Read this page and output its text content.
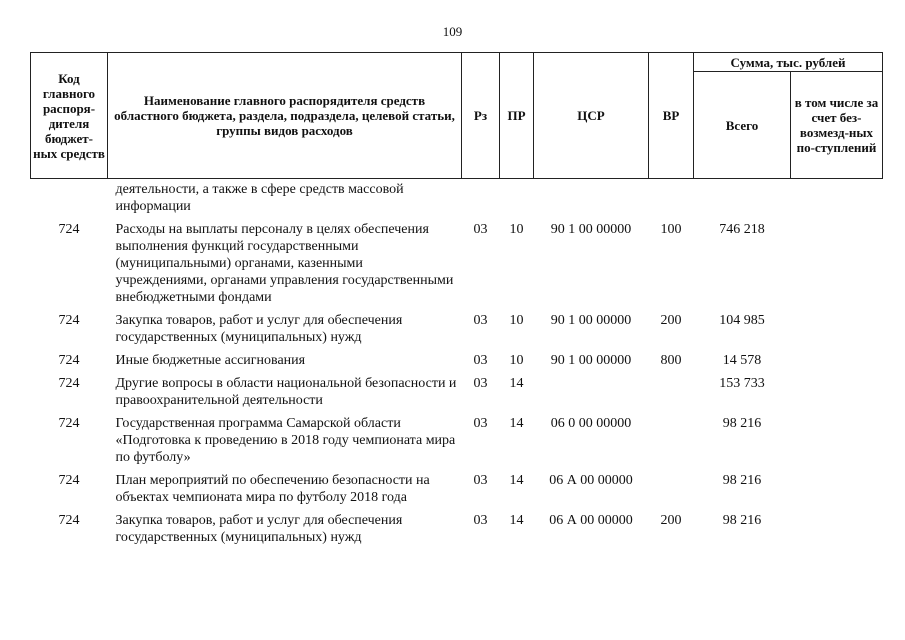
109
Код главного распоря-дителя бюджет-ных средств	Наименование главного распорядителя средств областного бюджета, раздела, подраздела, целевой статьи, группы видов расходов	Рз	ПР	ЦСР	ВР	Сумма, тыс. рублей	
						Всего	в том числе за счет без-возмезд-ных по-ступлений
	деятельности, а также в сфере средств массовой информации						
724	Расходы на выплаты персоналу в целях обеспечения выполнения функций государственными (муниципальными) органами, казенными учреждениями, органами управления государственными внебюджетными фондами	03	10	90 1 00 00000	100	746 218	
724	Закупка товаров, работ и услуг для обеспечения государственных (муниципальных) нужд	03	10	90 1 00 00000	200	104 985	
724	Иные бюджетные ассигнования	03	10	90 1 00 00000	800	14 578	
724	Другие вопросы в области национальной безопасности и правоохранительной деятельности	03	14			153 733	
724	Государственная программа Самарской области «Подготовка к проведению в 2018 году чемпионата мира по футболу»	03	14	06 0 00 00000		98 216	
724	План мероприятий по обеспечению безопасности на объектах чемпионата мира по футболу 2018 года	03	14	06 А 00 00000		98 216	
724	Закупка товаров, работ и услуг для обеспечения государственных (муниципальных) нужд	03	14	06 А 00 00000	200	98 216	
